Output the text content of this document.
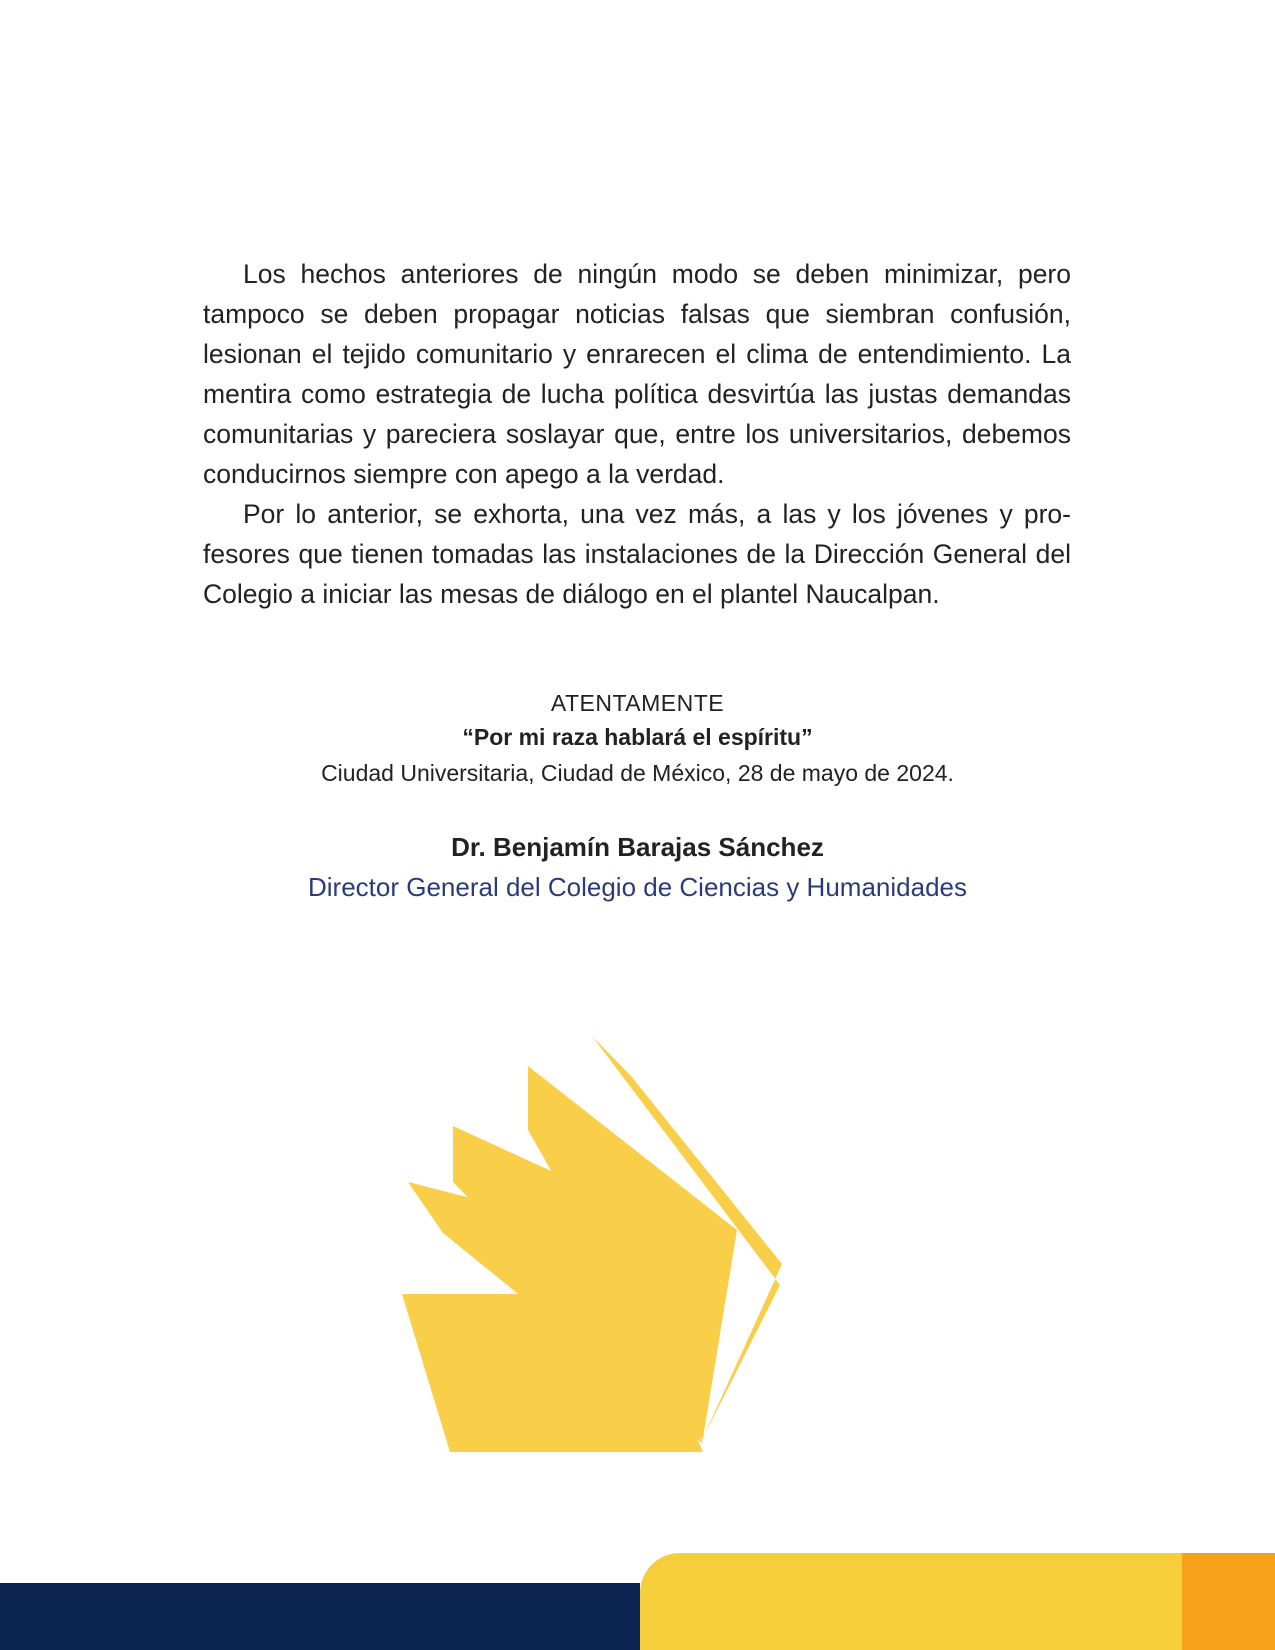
Los hechos anteriores de ningún modo se deben minimizar, pero tampoco se deben propagar noticias falsas que siembran confusión, lesionan el tejido comunitario y enrarecen el clima de entendimiento. La mentira como estrategia de lucha política desvirtúa las justas demandas comunitarias y pareciera soslayar que, entre los universitarios, debemos conducirnos siempre con apego a la verdad.

Por lo anterior, se exhorta, una vez más, a las y los jóvenes y profesores que tienen tomadas las instalaciones de la Dirección General del Colegio a iniciar las mesas de diálogo en el plantel Naucalpan.

ATENTAMENTE
“Por mi raza hablará el espíritu”
Ciudad Universitaria, Ciudad de México, 28 de mayo de 2024.
Dr. Benjamín Barajas Sánchez
Director General del Colegio de Ciencias y Humanidades
